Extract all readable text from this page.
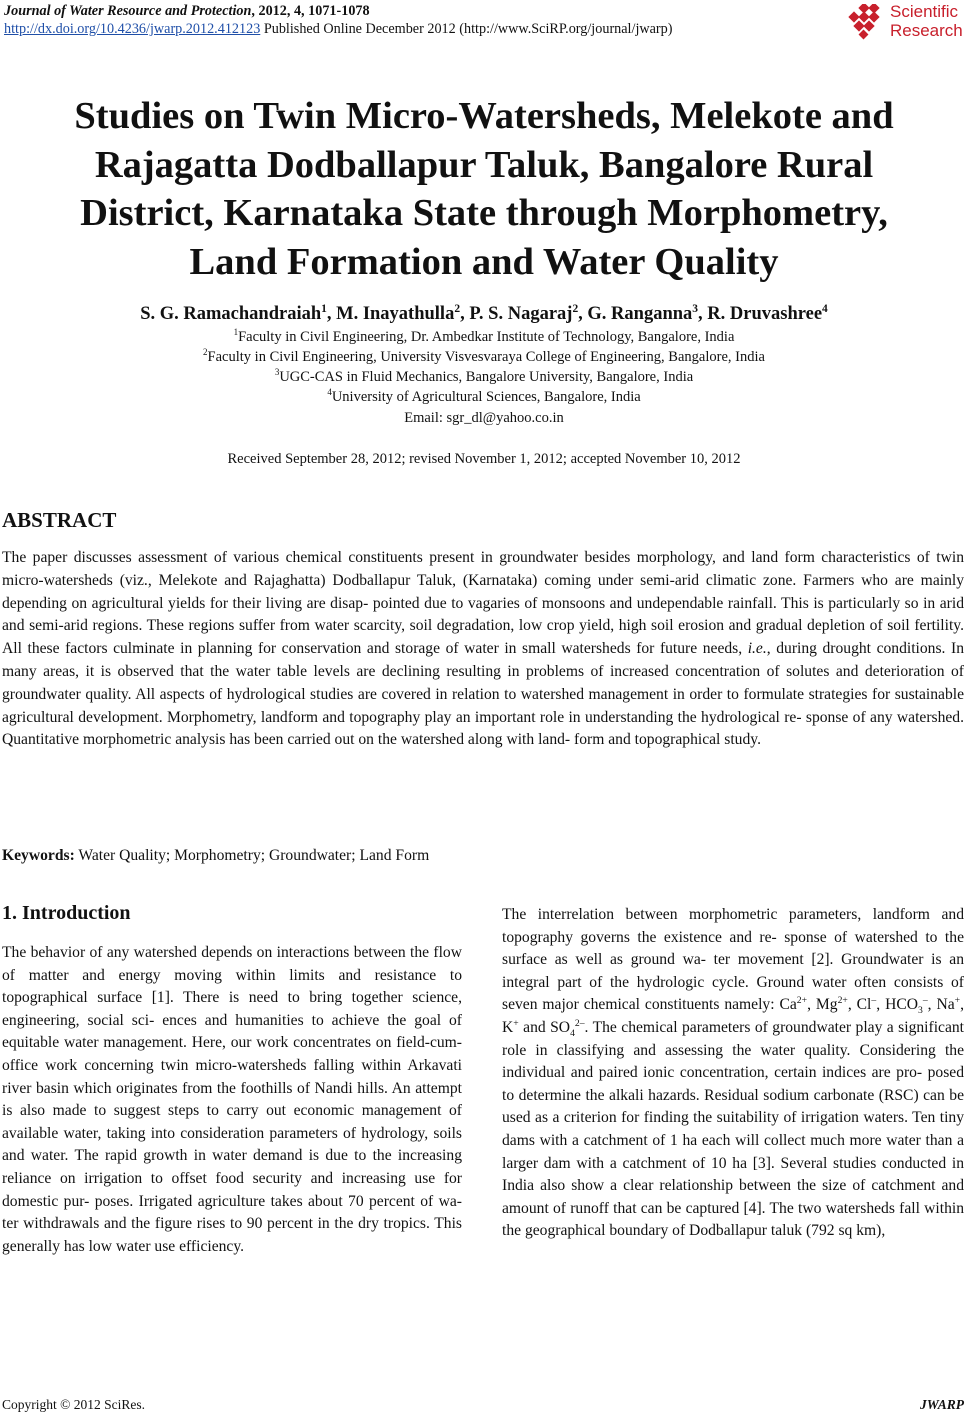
Journal of Water Resource and Protection, 2012, 4, 1071-1078
http://dx.doi.org/10.4236/jwarp.2012.412123 Published Online December 2012 (http://www.SciRP.org/journal/jwarp)
Scientific
Research
Studies on Twin Micro-Watersheds, Melekote and Rajagatta Dodballapur Taluk, Bangalore Rural District, Karnataka State through Morphometry, Land Formation and Water Quality
S. G. Ramachandraiah$^1$, M. Inayathulla$^2$, P. S. Nagaraj$^2$, G. Ranganna$^3$, R. Druvashree$^4$
$^1$Faculty in Civil Engineering, Dr. Ambedkar Institute of Technology, Bangalore, India
$^2$Faculty in Civil Engineering, University Visvesvaraya College of Engineering, Bangalore, India
$^3$UGC-CAS in Fluid Mechanics, Bangalore University, Bangalore, India
$^4$University of Agricultural Sciences, Bangalore, India
Email: sgr_dl@yahoo.co.in
Received September 28, 2012; revised November 1, 2012; accepted November 10, 2012
ABSTRACT
The paper discusses assessment of various chemical constituents present in groundwater besides morphology, and land form characteristics of twin micro-watersheds (viz., Melekote and Rajaghatta) Dodballapur Taluk, (Karnataka) coming under semi-arid climatic zone. Farmers who are mainly depending on agricultural yields for their living are disap- pointed due to vagaries of monsoons and undependable rainfall. This is particularly so in arid and semi-arid regions. These regions suffer from water scarcity, soil degradation, low crop yield, high soil erosion and gradual depletion of soil fertility. All these factors culminate in planning for conservation and storage of water in small watersheds for future needs, i.e., during drought conditions. In many areas, it is observed that the water table levels are declining resulting in problems of increased concentration of solutes and deterioration of groundwater quality. All aspects of hydrological studies are covered in relation to watershed management in order to formulate strategies for sustainable agricultural development. Morphometry, landform and topography play an important role in understanding the hydrological re- sponse of any watershed. Quantitative morphometric analysis has been carried out on the watershed along with land- form and topographical study.
Keywords: Water Quality; Morphometry; Groundwater; Land Form
1. Introduction
The behavior of any watershed depends on interactions between the flow of matter and energy moving within limits and resistance to topographical surface [1]. There is need to bring together science, engineering, social sci- ences and humanities to achieve the goal of equitable water management. Here, our work concentrates on field-cum-office work concerning twin micro-watersheds falling within Arkavati river basin which originates from the foothills of Nandi hills. An attempt is also made to suggest steps to carry out economic management of available water, taking into consideration parameters of hydrology, soils and water. The rapid growth in water demand is due to the increasing reliance on irrigation to offset food security and increasing use for domestic pur- poses. Irrigated agriculture takes about 70 percent of wa- ter withdrawals and the figure rises to 90 percent in the dry tropics. This generally has low water use efficiency.
The interrelation between morphometric parameters, landform and topography governs the existence and re- sponse of watershed to the surface as well as ground wa- ter movement [2]. Groundwater is an integral part of the hydrologic cycle. Ground water often consists of seven major chemical constituents namely: $Ca^{2+}$, $Mg^{2+}$, Cl–, $HCO_3^-$, Na+, K+ and $SO_4^{2-}$. The chemical parameters of groundwater play a significant role in classifying and assessing the water quality. Considering the individual and paired ionic concentration, certain indices are pro- posed to determine the alkali hazards. Residual sodium carbonate (RSC) can be used as a criterion for finding the suitability of irrigation waters. Ten tiny dams with a catchment of 1 ha each will collect much more water than a larger dam with a catchment of 10 ha [3]. Several studies conducted in India also show a clear relationship between the size of catchment and amount of runoff that can be captured [4]. The two watersheds fall within the geographical boundary of Dodballapur taluk (792 sq km),
Copyright © 2012 SciRes.	JWARP
